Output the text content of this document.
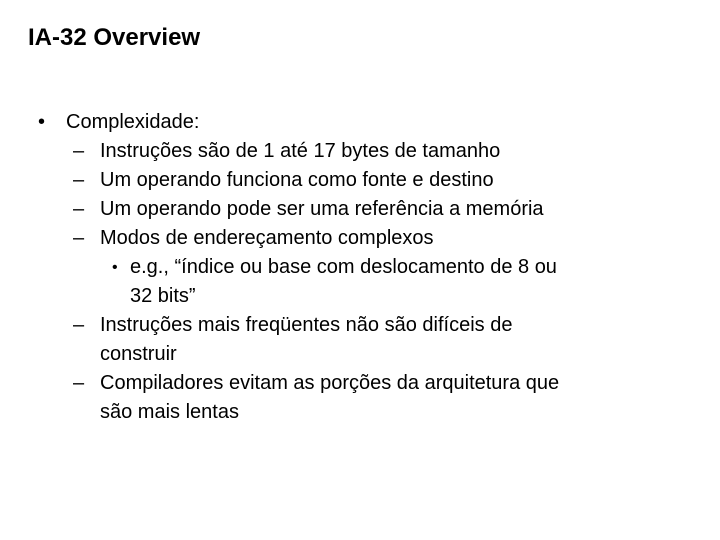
IA-32 Overview
• Complexidade:
– Instruções são de 1 até 17 bytes de tamanho
– Um operando funciona como fonte e destino
– Um operando pode ser uma referência a memória
– Modos de endereçamento complexos
• e.g., “índice ou base com deslocamento de 8 ou
32 bits”
– Instruções mais freqüentes não são difíceis de
construir
– Compiladores evitam as porções da arquitetura que
são mais lentas
